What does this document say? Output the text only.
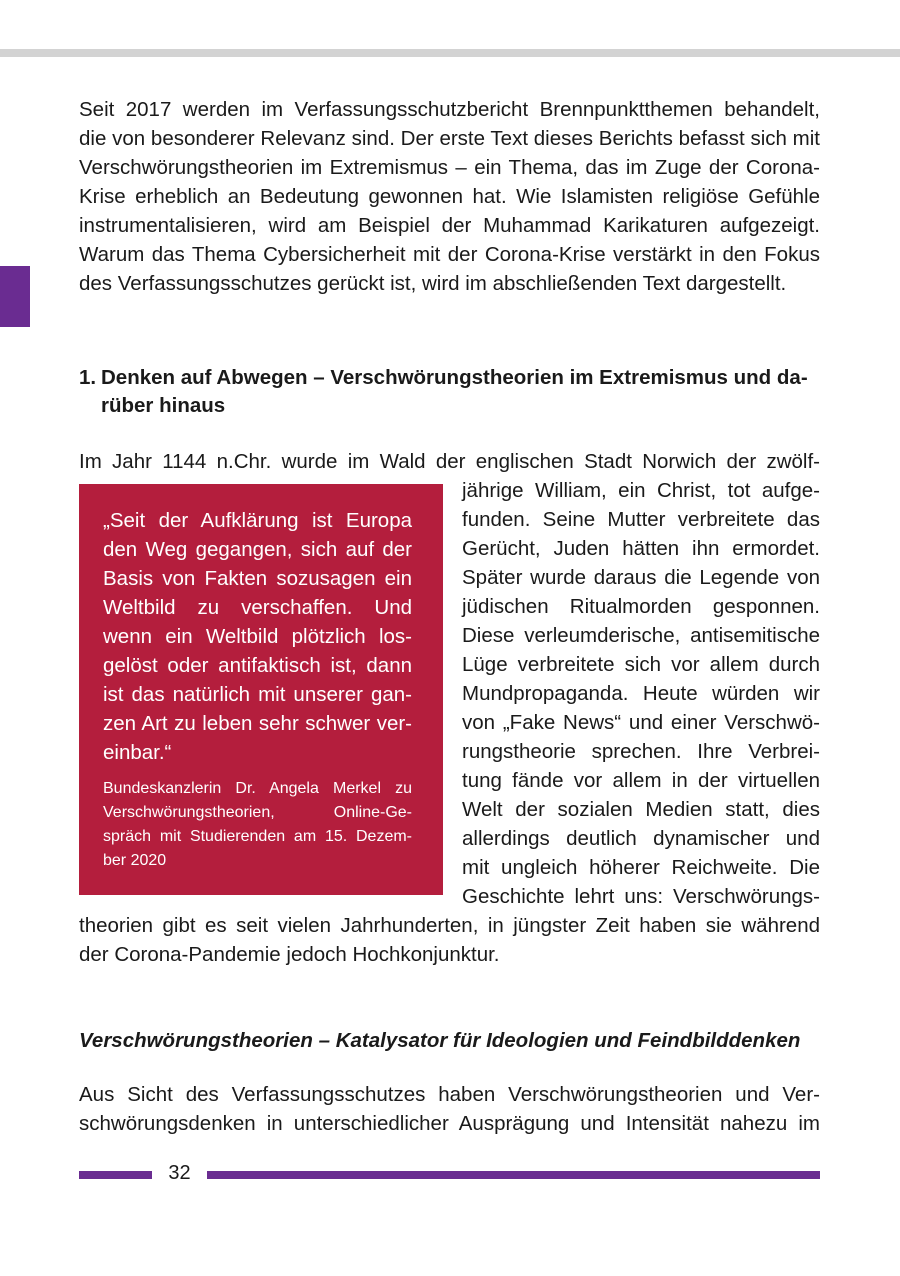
Seit 2017 werden im Verfassungsschutzbericht Brennpunktthemen behandelt,
die von besonderer Relevanz sind. Der erste Text dieses Berichts befasst sich mit
Verschwörungstheorien im Extremismus – ein Thema, das im Zuge der Corona-
Krise erheblich an Bedeutung gewonnen hat. Wie Islamisten religiöse Gefühle
instrumentalisieren, wird am Beispiel der Muhammad Karikaturen aufgezeigt.
Warum das Thema Cybersicherheit mit der Corona-Krise verstärkt in den Fokus
des Verfassungsschutzes gerückt ist, wird im abschließenden Text dargestellt.
1. Denken auf Abwegen – Verschwörungstheorien im Extremismus und da-
rüber hinaus
Im Jahr 1144 n.Chr. wurde im Wald der englischen Stadt Norwich der zwölf-
jährige William, ein Christ, tot aufge-
funden. Seine Mutter verbreitete das
Gerücht, Juden hätten ihn ermordet.
Später wurde daraus die Legende von
jüdischen Ritualmorden gesponnen.
Diese verleumderische, antisemitische
Lüge verbreitete sich vor allem durch
Mundpropaganda. Heute würden wir
von „Fake News“ und einer Verschwö-
rungstheorie sprechen. Ihre Verbrei-
tung fände vor allem in der virtuellen
Welt der sozialen Medien statt, dies
allerdings deutlich dynamischer und
mit ungleich höherer Reichweite. Die
Geschichte lehrt uns: Verschwörungs-
„Seit der Aufklärung ist Europa
den Weg gegangen, sich auf der
Basis von Fakten sozusagen ein
Weltbild zu verschaffen. Und
wenn ein Weltbild plötzlich los-
gelöst oder antifaktisch ist, dann
ist das natürlich mit unserer gan-
zen Art zu leben sehr schwer ver-
einbar.“
Bundeskanzlerin Dr. Angela Merkel zu
Verschwörungstheorien, Online-Ge-
spräch mit Studierenden am 15. Dezem-
ber 2020
theorien gibt es seit vielen Jahrhunderten, in jüngster Zeit haben sie während
der Corona-Pandemie jedoch Hochkonjunktur.
Verschwörungstheorien – Katalysator für Ideologien und Feindbilddenken
Aus Sicht des Verfassungsschutzes haben Verschwörungstheorien und Ver-
schwörungsdenken in unterschiedlicher Ausprägung und Intensität nahezu im
32
